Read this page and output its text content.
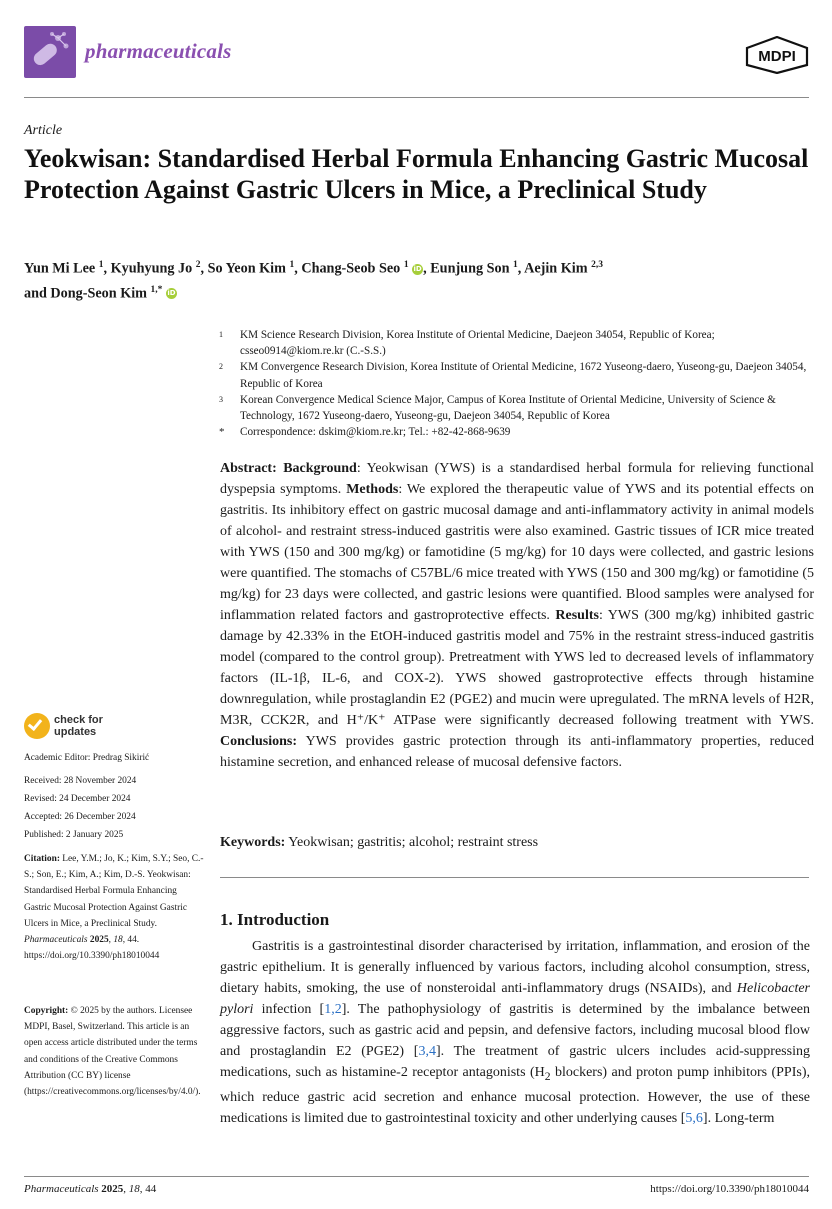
pharmaceuticals	MDPI
Article
Yeokwisan: Standardised Herbal Formula Enhancing Gastric Mucosal Protection Against Gastric Ulcers in Mice, a Preclinical Study
Yun Mi Lee $^1$, Kyuhyung Jo $^2$, So Yeon Kim $^1$, Chang-Seob Seo $^1$ iD, Eunjung Son $^1$, Aejin Kim $^{2,3}$
and Dong-Seon Kim $^{1,*}$ iD
1	KM Science Research Division, Korea Institute of Oriental Medicine, Daejeon 34054, Republic of Korea; csseo0914@kiom.re.kr (C.-S.S.)
2	KM Convergence Research Division, Korea Institute of Oriental Medicine, 1672 Yuseong-daero, Yuseong-gu, Daejeon 34054, Republic of Korea
3	Korean Convergence Medical Science Major, Campus of Korea Institute of Oriental Medicine, University of Science & Technology, 1672 Yuseong-daero, Yuseong-gu, Daejeon 34054, Republic of Korea
*	Correspondence: dskim@kiom.re.kr; Tel.: +82-42-868-9639
Abstract: Background: Yeokwisan (YWS) is a standardised herbal formula for relieving functional dyspepsia symptoms. Methods: We explored the therapeutic value of YWS and its potential effects on gastritis. Its inhibitory effect on gastric mucosal damage and anti-inflammatory activity in animal models of alcohol- and restraint stress-induced gastritis were also examined. Gastric tissues of ICR mice treated with YWS (150 and 300 mg/kg) or famotidine (5 mg/kg) for 10 days were collected, and gastric lesions were quantified. The stomachs of C57BL/6 mice treated with YWS (150 and 300 mg/kg) or famotidine (5 mg/kg) for 23 days were collected, and gastric lesions were quantified. Blood samples were analysed for inflammation related factors and gastroprotective effects. Results: YWS (300 mg/kg) inhibited gastric damage by 42.33% in the EtOH-induced gastritis model and 75% in the restraint stress-induced gastritis model (compared to the control group). Pretreatment with YWS led to decreased levels of inflammatory factors (IL-1β, IL-6, and COX-2). YWS showed gastroprotective effects through histamine downregulation, while prostaglandin E2 (PGE2) and mucin were upregulated. The mRNA levels of H2R, M3R, CCK2R, and H⁺/K⁺ ATPase were significantly decreased following treatment with YWS. Conclusions: YWS provides gastric protection through its anti-inflammatory properties, reduced histamine secretion, and enhanced release of mucosal defensive factors.
Keywords: Yeokwisan; gastritis; alcohol; restraint stress
1. Introduction
Gastritis is a gastrointestinal disorder characterised by irritation, inflammation, and erosion of the gastric epithelium. It is generally influenced by various factors, including alcohol consumption, stress, dietary habits, smoking, the use of nonsteroidal anti-inflammatory drugs (NSAIDs), and Helicobacter pylori infection [1,2]. The pathophysiology of gastritis is determined by the imbalance between aggressive factors, such as gastric acid and pepsin, and defensive factors, including mucosal blood flow and prostaglandin E2 (PGE2) [3,4]. The treatment of gastric ulcers includes acid-suppressing medications, such as histamine-2 receptor antagonists ($H_2$ blockers) and proton pump inhibitors (PPIs), which reduce gastric acid secretion and enhance mucosal protection. However, the use of these medications is limited due to gastrointestinal toxicity and other underlying causes [5,6]. Long-term
check for
updates
Academic Editor: Predrag Sikirić
Received: 28 November 2024
Revised: 24 December 2024
Accepted: 26 December 2024
Published: 2 January 2025
Citation: Lee, Y.M.; Jo, K.; Kim, S.Y.; Seo, C.-S.; Son, E.; Kim, A.; Kim, D.-S. Yeokwisan: Standardised Herbal Formula Enhancing Gastric Mucosal Protection Against Gastric Ulcers in Mice, a Preclinical Study. Pharmaceuticals 2025, 18, 44. https://doi.org/10.3390/ph18010044
Copyright: © 2025 by the authors. Licensee MDPI, Basel, Switzerland. This article is an open access article distributed under the terms and conditions of the Creative Commons Attribution (CC BY) license (https://creativecommons.org/licenses/by/4.0/).
Pharmaceuticals 2025, 18, 44	https://doi.org/10.3390/ph18010044
